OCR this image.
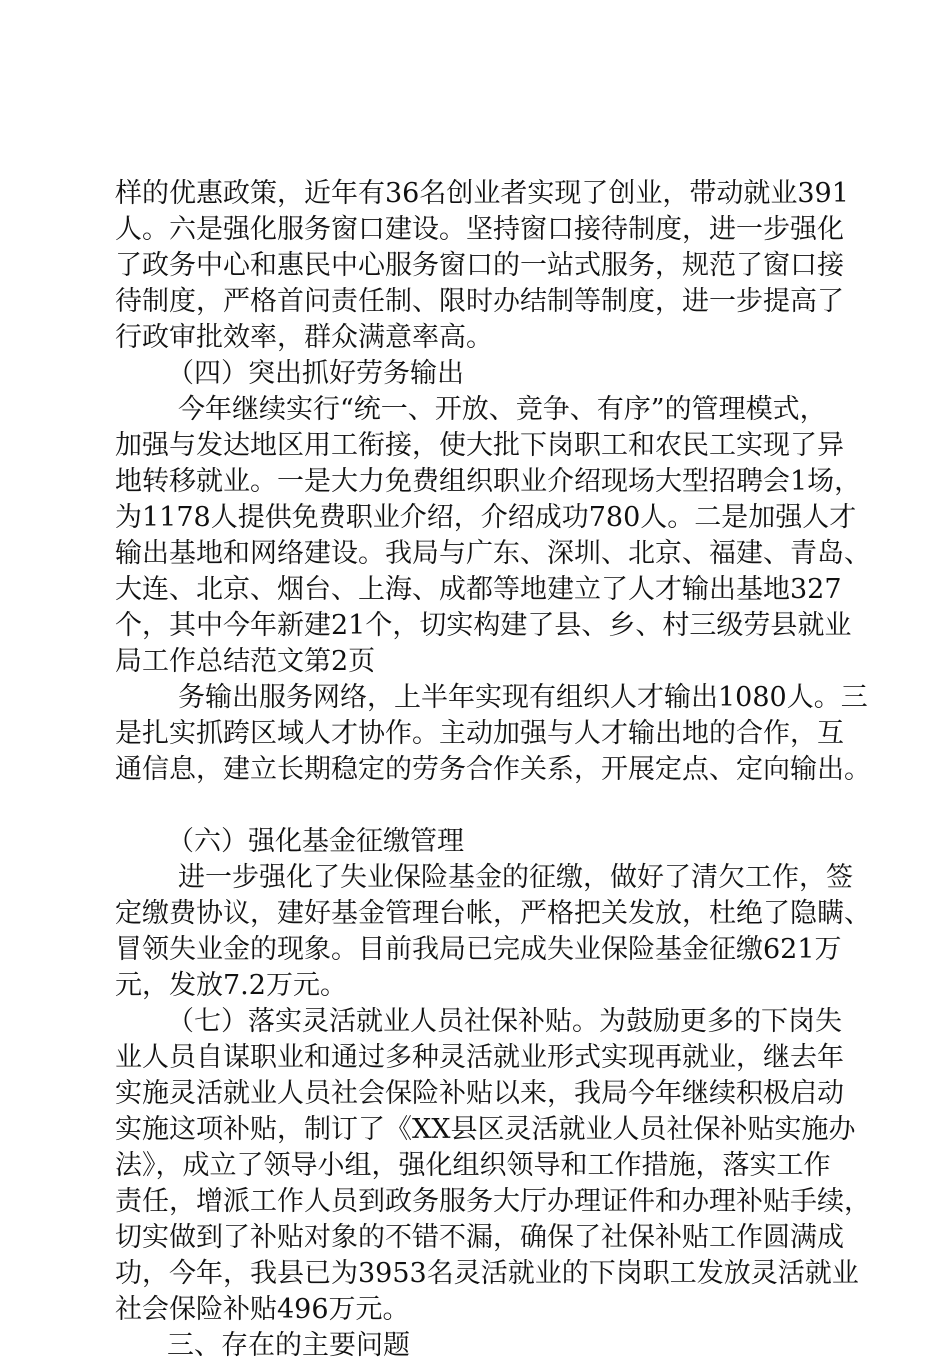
样的优惠政策，近年有36名创业者实现了创业，带动就业391
人。六是强化服务窗口建设。坚持窗口接待制度，进一步强化
了政务中心和惠民中心服务窗口的一站式服务，规范了窗口接
待制度，严格首问责任制、限时办结制等制度，进一步提高了
行政审批效率，群众满意率高。
（四）突出抓好劳务输出
今年继续实行“统一、开放、竞争、有序”的管理模式，
加强与发达地区用工衔接，使大批下岗职工和农民工实现了异
地转移就业。一是大力免费组织职业介绍现场大型招聘会1场，
为1178人提供免费职业介绍，介绍成功780人。二是加强人才
输出基地和网络建设。我局与广东、深圳、北京、福建、青岛、
大连、北京、烟台、上海、成都等地建立了人才输出基地327
个，其中今年新建21个，切实构建了县、乡、村三级劳县就业
局工作总结范文第2页
务输出服务网络，上半年实现有组织人才输出1080人。三
是扎实抓跨区域人才协作。主动加强与人才输出地的合作，互
通信息，建立长期稳定的劳务合作关系，开展定点、定向输出。
（六）强化基金征缴管理
进一步强化了失业保险基金的征缴，做好了清欠工作，签
定缴费协议，建好基金管理台帐，严格把关发放，杜绝了隐瞒、
冒领失业金的现象。目前我局已完成失业保险基金征缴621万
元，发放7.2万元。
（七）落实灵活就业人员社保补贴。为鼓励更多的下岗失
业人员自谋职业和通过多种灵活就业形式实现再就业，继去年
实施灵活就业人员社会保险补贴以来，我局今年继续积极启动
实施这项补贴，制订了《XX县区灵活就业人员社保补贴实施办
法》，成立了领导小组，强化组织领导和工作措施，落实工作
责任，增派工作人员到政务服务大厅办理证件和办理补贴手续，
切实做到了补贴对象的不错不漏，确保了社保补贴工作圆满成
功，今年，我县已为3953名灵活就业的下岗职工发放灵活就业
社会保险补贴496万元。
三、存在的主要问题
